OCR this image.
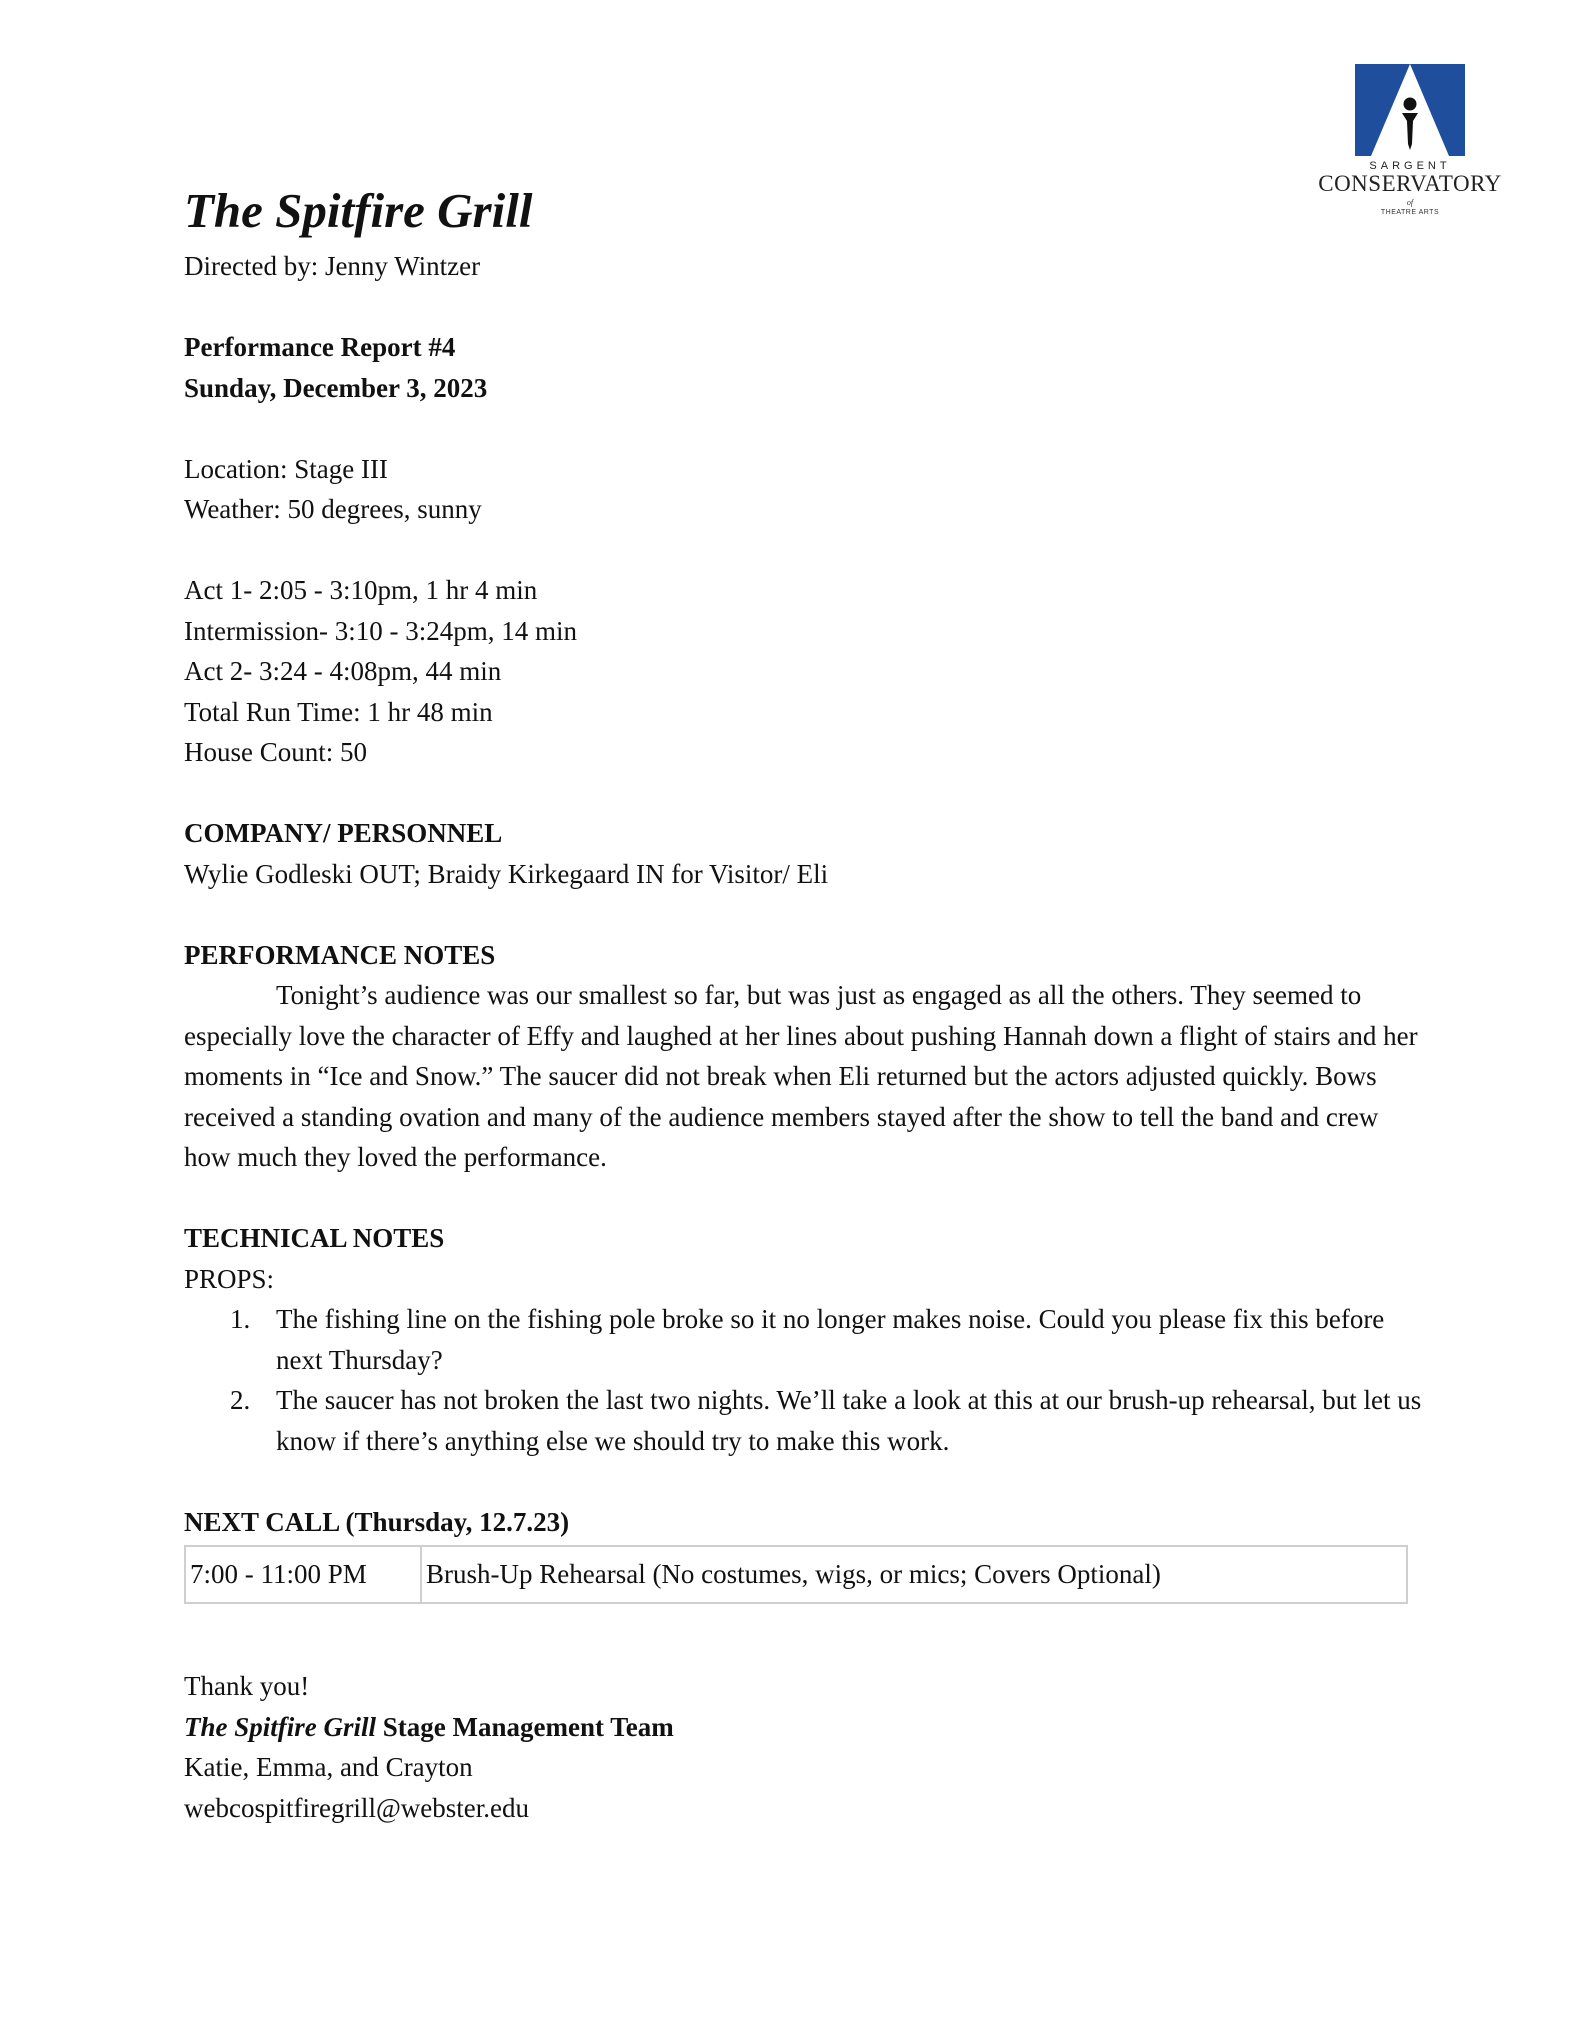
SARGENT
CONSERVATORY
of
THEATRE ARTS
The Spitfire Grill

Directed by: Jenny Wintzer

Performance Report #4

Sunday, December 3, 2023

Location: Stage III

Weather: 50 degrees, sunny

Act 1- 2:05 - 3:10pm, 1 hr 4 min

Intermission- 3:10 - 3:24pm, 14 min

Act 2- 3:24 - 4:08pm, 44 min

Total Run Time: 1 hr 48 min

House Count: 50

COMPANY/ PERSONNEL

Wylie Godleski OUT; Braidy Kirkegaard IN for Visitor/ Eli

PERFORMANCE NOTES

Tonight’s audience was our smallest so far, but was just as engaged as all the others. They seemed to especially love the character of Effy and laughed at her lines about pushing Hannah down a flight of stairs and her moments in “Ice and Snow.” The saucer did not break when Eli returned but the actors adjusted quickly. Bows received a standing ovation and many of the audience members stayed after the show to tell the band and crew how much they loved the performance.

TECHNICAL NOTES

PROPS:

1. The fishing line on the fishing pole broke so it no longer makes noise. Could you please fix this before next Thursday?
2. The saucer has not broken the last two nights. We’ll take a look at this at our brush-up rehearsal, but let us know if there’s anything else we should try to make this work.

NEXT CALL (Thursday, 12.7.23)

7:00 - 11:00 PM	Brush-Up Rehearsal (No costumes, wigs, or mics; Covers Optional)

Thank you!

The Spitfire Grill Stage Management Team

Katie, Emma, and Crayton

webcospitfiregrill@webster.edu
